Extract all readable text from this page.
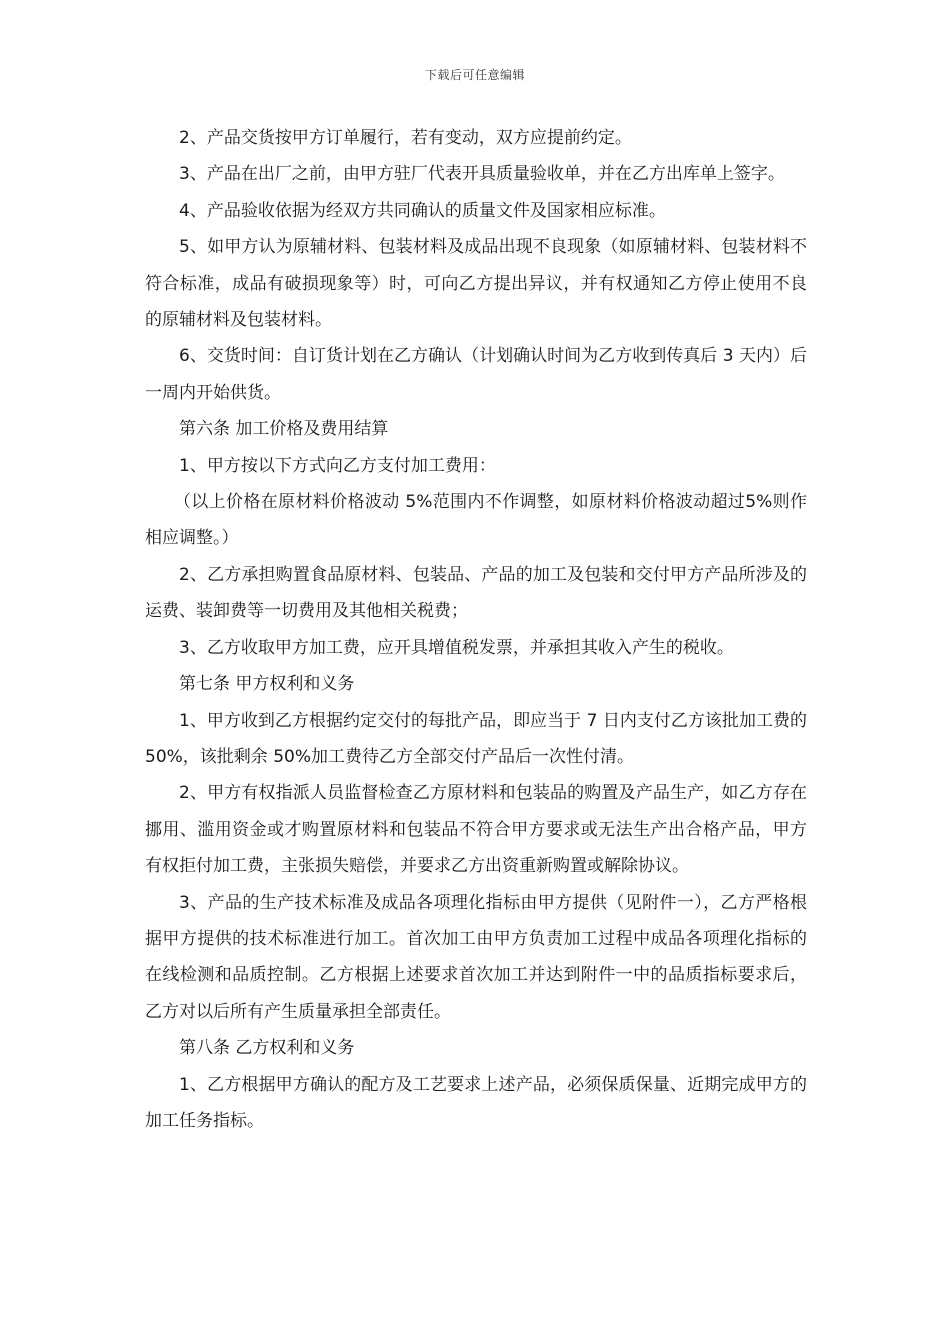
下载后可任意编辑

2、产品交货按甲方订单履行，若有变动，双方应提前约定。

3、产品在出厂之前，由甲方驻厂代表开具质量验收单，并在乙方出库单上签字。

4、产品验收依据为经双方共同确认的质量文件及国家相应标准。

5、如甲方认为原辅材料、包装材料及成品出现不良现象（如原辅材料、包装材料不符合标准，成品有破损现象等）时，可向乙方提出异议，并有权通知乙方停止使用不良的原辅材料及包装材料。

6、交货时间：自订货计划在乙方确认（计划确认时间为乙方收到传真后 3 天内）后一周内开始供货。

第六条 加工价格及费用结算

1、甲方按以下方式向乙方支付加工费用：

（以上价格在原材料价格波动 5%范围内不作调整，如原材料价格波动超过5%则作相应调整。）

2、乙方承担购置食品原材料、包装品、产品的加工及包装和交付甲方产品所涉及的运费、装卸费等一切费用及其他相关税费；

3、乙方收取甲方加工费，应开具增值税发票，并承担其收入产生的税收。

第七条 甲方权利和义务

1、甲方收到乙方根据约定交付的每批产品，即应当于 7 日内支付乙方该批加工费的 50%，该批剩余 50%加工费待乙方全部交付产品后一次性付清。

2、甲方有权指派人员监督检查乙方原材料和包装品的购置及产品生产，如乙方存在挪用、滥用资金或才购置原材料和包装品不符合甲方要求或无法生产出合格产品，甲方有权拒付加工费，主张损失赔偿，并要求乙方出资重新购置或解除协议。

3、产品的生产技术标准及成品各项理化指标由甲方提供（见附件一），乙方严格根据甲方提供的技术标准进行加工。首次加工由甲方负责加工过程中成品各项理化指标的在线检测和品质控制。乙方根据上述要求首次加工并达到附件一中的品质指标要求后，乙方对以后所有产生质量承担全部责任。

第八条 乙方权利和义务

1、乙方根据甲方确认的配方及工艺要求上述产品，必须保质保量、近期完成甲方的加工任务指标。
